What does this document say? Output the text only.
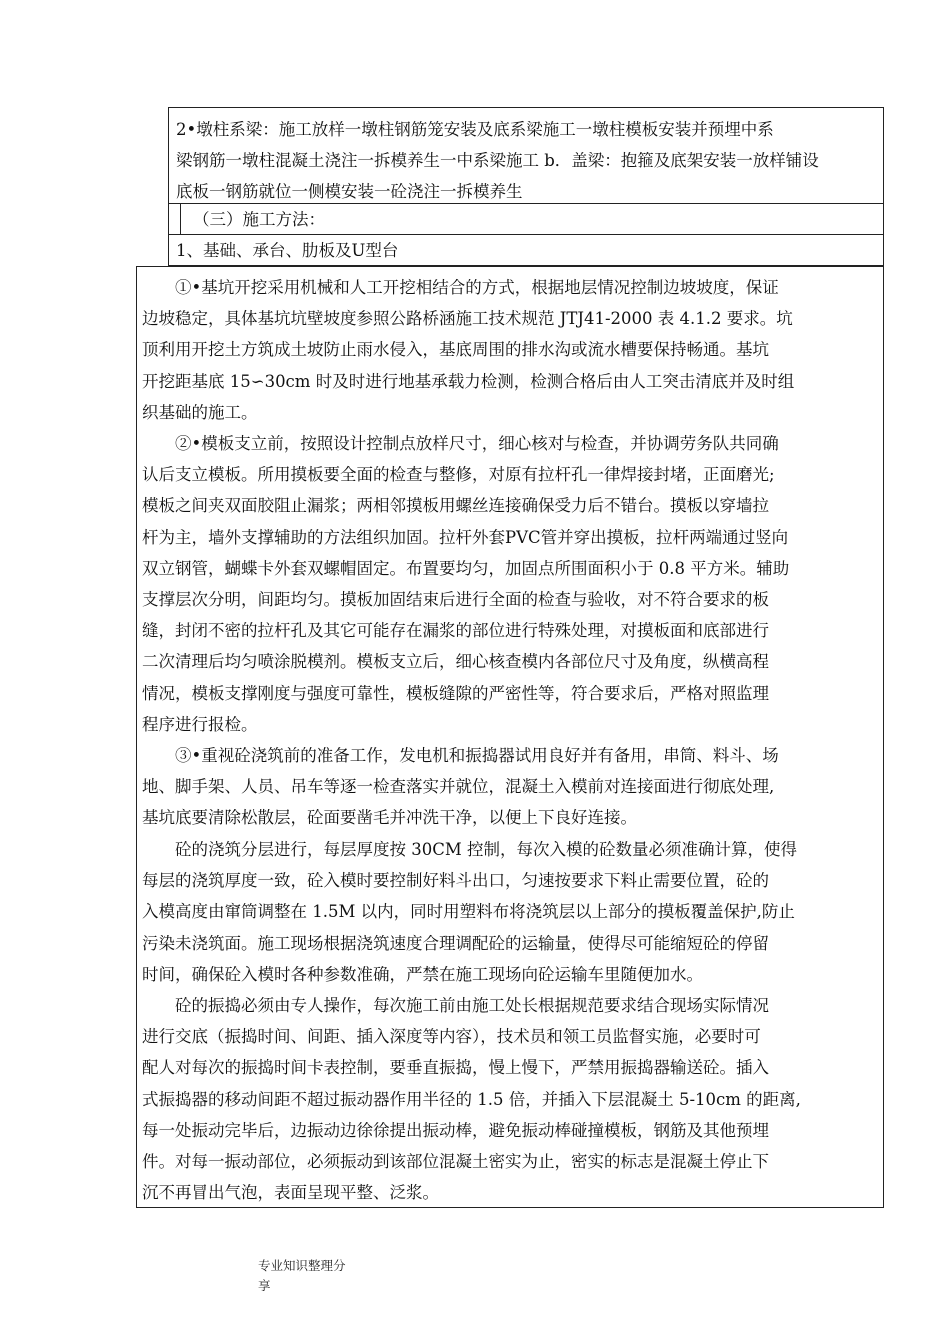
2•墩柱系梁：施工放样一墩柱钢筋笼安装及底系梁施工一墩柱模板安装并预埋中系
梁钢筋一墩柱混凝土浇注一拆模养生一中系梁施工 b．盖梁：抱箍及底架安装一放样铺设
底板一钢筋就位一侧模安装一砼浇注一拆模养生
（三）施工方法：
1、基础、承台、肋板及U型台
①•基坑开挖采用机械和人工开挖相结合的方式，根据地层情况控制边坡坡度，保证
边坡稳定，具体基坑坑壁坡度参照公路桥涵施工技术规范 JTJ41-2000 表 4.1.2 要求。坑
顶利用开挖土方筑成土坡防止雨水侵入，基底周围的排水沟或流水槽要保持畅通。基坑
开挖距基底 15∽30cm 时及时进行地基承载力检测，检测合格后由人工突击清底并及时组
织基础的施工。
②•模板支立前，按照设计控制点放样尺寸，细心核对与检查，并协调劳务队共同确
认后支立模板。所用摸板要全面的检查与整修，对原有拉杆孔一律焊接封堵，正面磨光;
模板之间夹双面胶阻止漏浆；两相邻摸板用螺丝连接确保受力后不错台。摸板以穿墙拉
杆为主，墙外支撑辅助的方法组织加固。拉杆外套PVC管并穿出摸板，拉杆两端通过竖向
双立钢管，蝴蝶卡外套双螺帽固定。布置要均匀，加固点所围面积小于 0.8 平方米。辅助
支撑层次分明，间距均匀。摸板加固结束后进行全面的检查与验收，对不符合要求的板
缝，封闭不密的拉杆孔及其它可能存在漏浆的部位进行特殊处理，对摸板面和底部进行
二次清理后均匀喷涂脱模剂。模板支立后，细心核查模内各部位尺寸及角度，纵横高程
情况，模板支撑刚度与强度可靠性，模板缝隙的严密性等，符合要求后，严格对照监理
程序进行报检。
③•重视砼浇筑前的准备工作，发电机和振捣器试用良好并有备用，串筒、料斗、场
地、脚手架、人员、吊车等逐一检查落实并就位，混凝土入模前对连接面进行彻底处理,
基坑底要清除松散层，砼面要凿毛并冲洗干净，以便上下良好连接。
砼的浇筑分层进行，每层厚度按 30CM 控制，每次入模的砼数量必须准确计算，使得
每层的浇筑厚度一致，砼入模时要控制好料斗出口，匀速按要求下料止需要位置，砼的
入模高度由窜筒调整在 1.5M 以内，同时用塑料布将浇筑层以上部分的摸板覆盖保护,防止
污染未浇筑面。施工现场根据浇筑速度合理调配砼的运输量，使得尽可能缩短砼的停留
时间，确保砼入模时各种参数准确，严禁在施工现场向砼运输车里随便加水。
砼的振捣必须由专人操作，每次施工前由施工处长根据规范要求结合现场实际情况
进行交底（振捣时间、间距、插入深度等内容），技术员和领工员监督实施，必要时可
配人对每次的振捣时间卡表控制，要垂直振捣，慢上慢下，严禁用振捣器输送砼。插入
式振捣器的移动间距不超过振动器作用半径的 1.5 倍，并插入下层混凝土 5-10cm 的距离,
每一处振动完毕后，边振动边徐徐提出振动棒，避免振动棒碰撞模板，钢筋及其他预埋
件。对每一振动部位，必须振动到该部位混凝土密实为止，密实的标志是混凝土停止下
沉不再冒出气泡，表面呈现平整、泛浆。
专业知识整理分
享
